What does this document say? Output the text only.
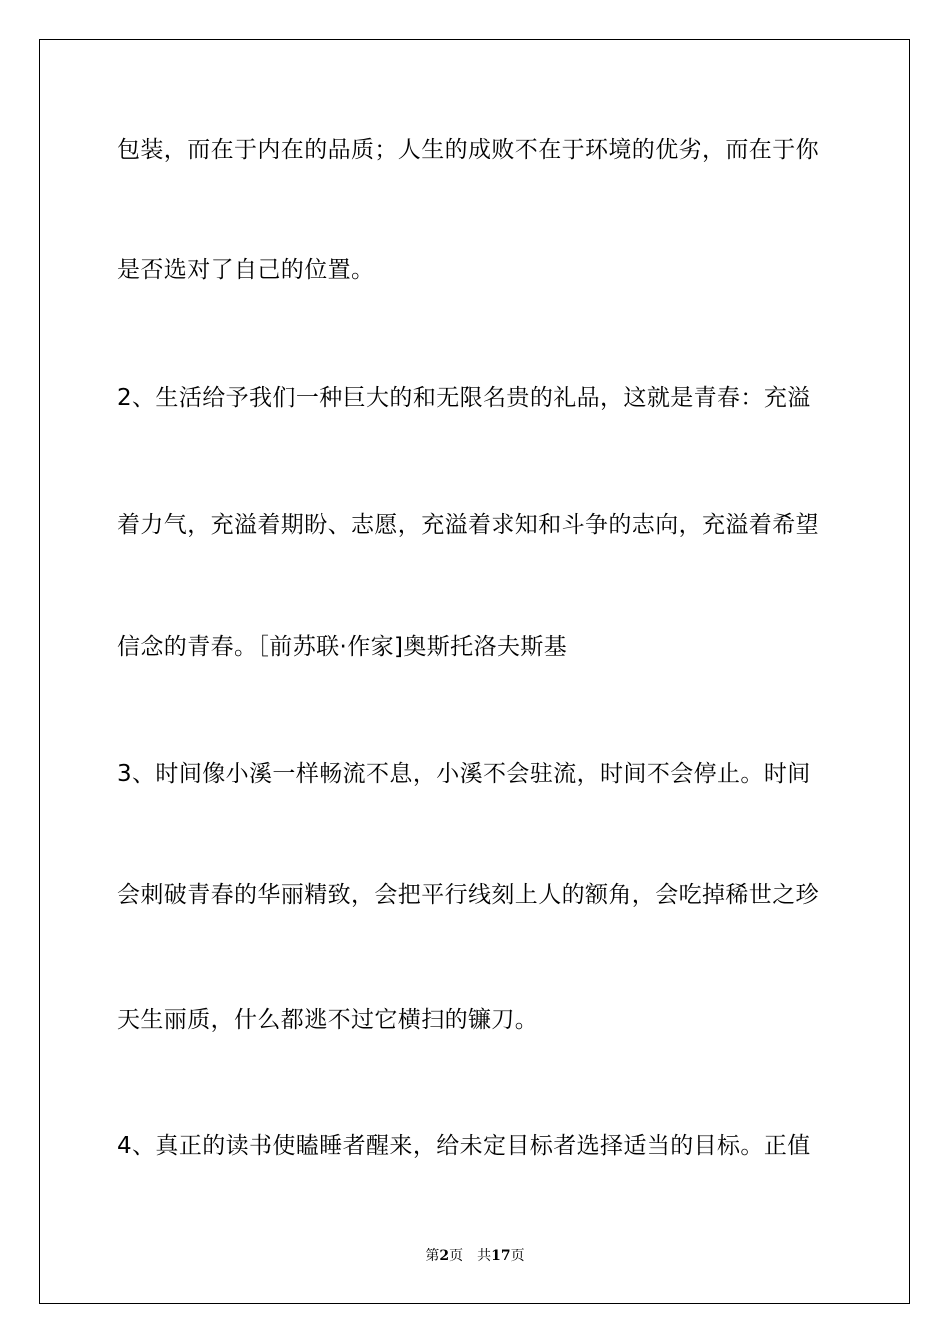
包装，而在于内在的品质；人生的成败不在于环境的优劣，而在于你
是否选对了自己的位置。
2、生活给予我们一种巨大的和无限名贵的礼品，这就是青春：充溢
着力气，充溢着期盼、志愿，充溢着求知和斗争的志向，充溢着希望
信念的青春。［前苏联·作家]奥斯托洛夫斯基
3、时间像小溪一样畅流不息，小溪不会驻流，时间不会停止。时间
会刺破青春的华丽精致，会把平行线刻上人的额角，会吃掉稀世之珍
天生丽质，什么都逃不过它横扫的镰刀。
4、真正的读书使瞌睡者醒来，给未定目标者选择适当的目标。正值
第2页 共17页
